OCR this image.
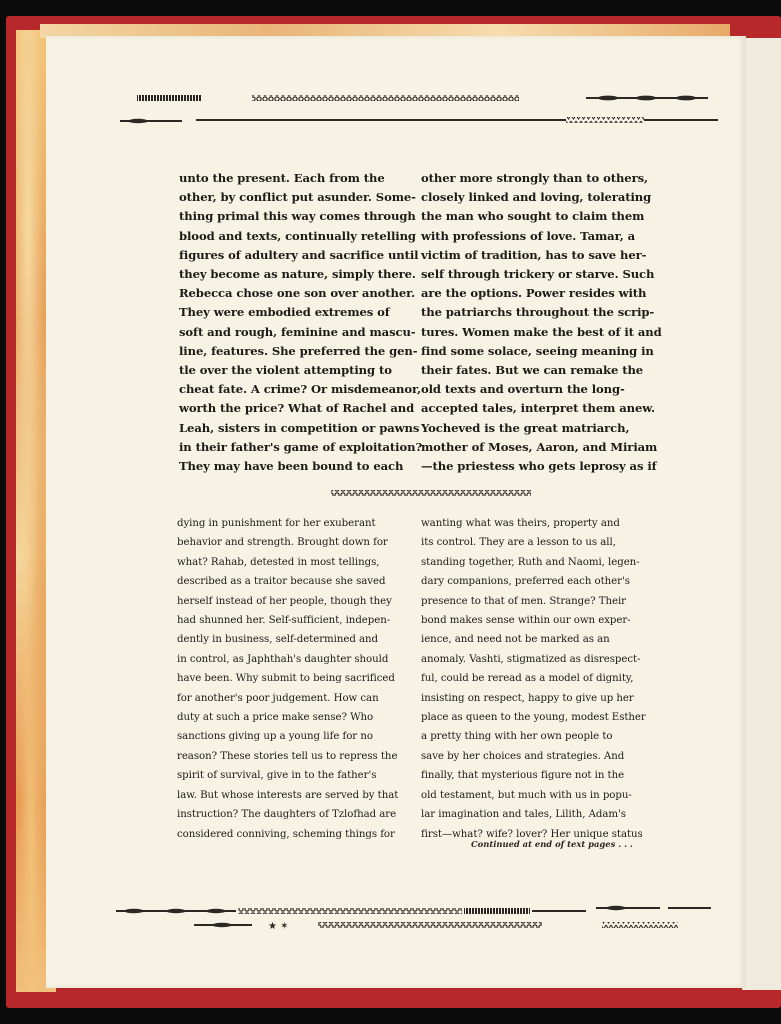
unto the present. Each from the
other, by conflict put asunder. Some-
thing primal this way comes through
blood and texts, continually retelling
figures of adultery and sacrifice until
they become as nature, simply there.
Rebecca chose one son over another.
They were embodied extremes of
soft and rough, feminine and mascu-
line, features. She preferred the gen-
tle over the violent attempting to
cheat fate. A crime? Or misdemeanor,
worth the price? What of Rachel and
Leah, sisters in competition or pawns
in their father's game of exploitation?
They may have been bound to each
other more strongly than to others,
closely linked and loving, tolerating
the man who sought to claim them
with professions of love. Tamar, a
victim of tradition, has to save her-
self through trickery or starve. Such
are the options. Power resides with
the patriarchs throughout the scrip-
tures. Women make the best of it and
find some solace, seeing meaning in
their fates. But we can remake the
old texts and overturn the long-
accepted tales, interpret them anew.
Yocheved is the great matriarch,
mother of Moses, Aaron, and Miriam
—the priestess who gets leprosy as if
dying in punishment for her exuberant
behavior and strength. Brought down for
what? Rahab, detested in most tellings,
described as a traitor because she saved
herself instead of her people, though they
had shunned her. Self-sufficient, indepen-
dently in business, self-determined and
in control, as Japhthah's daughter should
have been. Why submit to being sacrificed
for another's poor judgement. How can
duty at such a price make sense? Who
sanctions giving up a young life for no
reason? These stories tell us to repress the
spirit of survival, give in to the father's
law. But whose interests are served by that
instruction? The daughters of Tzlofhad are
considered conniving, scheming things for
wanting what was theirs, property and
its control. They are a lesson to us all,
standing together, Ruth and Naomi, legen-
dary companions, preferred each other's
presence to that of men. Strange? Their
bond makes sense within our own exper-
ience, and need not be marked as an
anomaly. Vashti, stigmatized as disrespect-
ful, could be reread as a model of dignity,
insisting on respect, happy to give up her
place as queen to the young, modest Esther
a pretty thing with her own people to
save by her choices and strategies. And
finally, that mysterious figure not in the
old testament, but much with us in popu-
lar imagination and tales, Lilith, Adam's
first—what? wife? lover? Her unique status
Continued at end of text pages . . .
★ ✶
